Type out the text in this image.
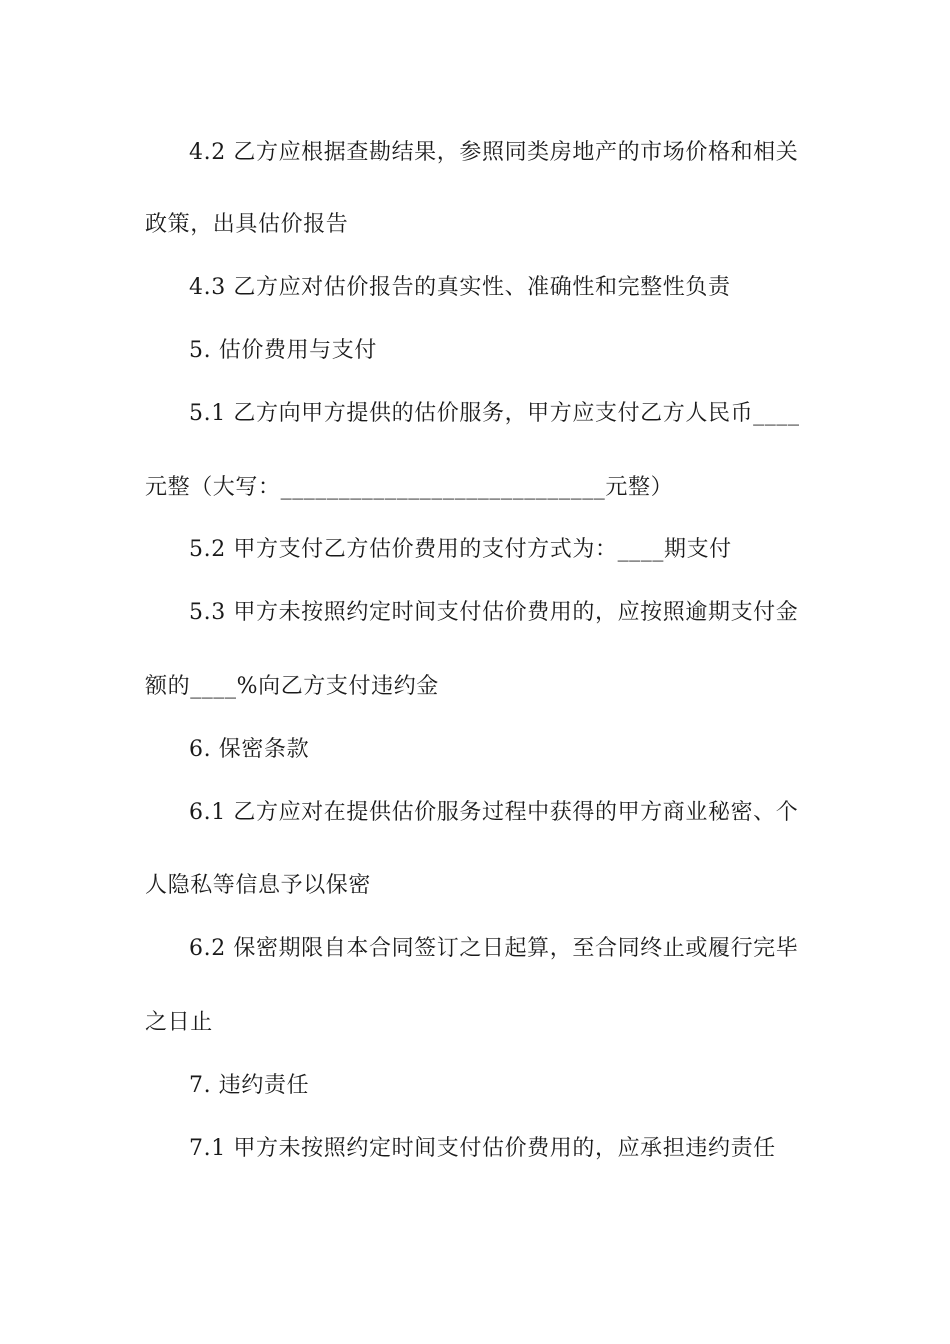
4.2 乙方应根据查勘结果，参照同类房地产的市场价格和相关
政策，出具估价报告
4.3 乙方应对估价报告的真实性、准确性和完整性负责
5. 估价费用与支付
5.1 乙方向甲方提供的估价服务，甲方应支付乙方人民币____
元整（大写：____________________________元整）
5.2 甲方支付乙方估价费用的支付方式为：____期支付
5.3 甲方未按照约定时间支付估价费用的，应按照逾期支付金
额的____%向乙方支付违约金
6. 保密条款
6.1 乙方应对在提供估价服务过程中获得的甲方商业秘密、个
人隐私等信息予以保密
6.2 保密期限自本合同签订之日起算，至合同终止或履行完毕
之日止
7. 违约责任
7.1 甲方未按照约定时间支付估价费用的，应承担违约责任
